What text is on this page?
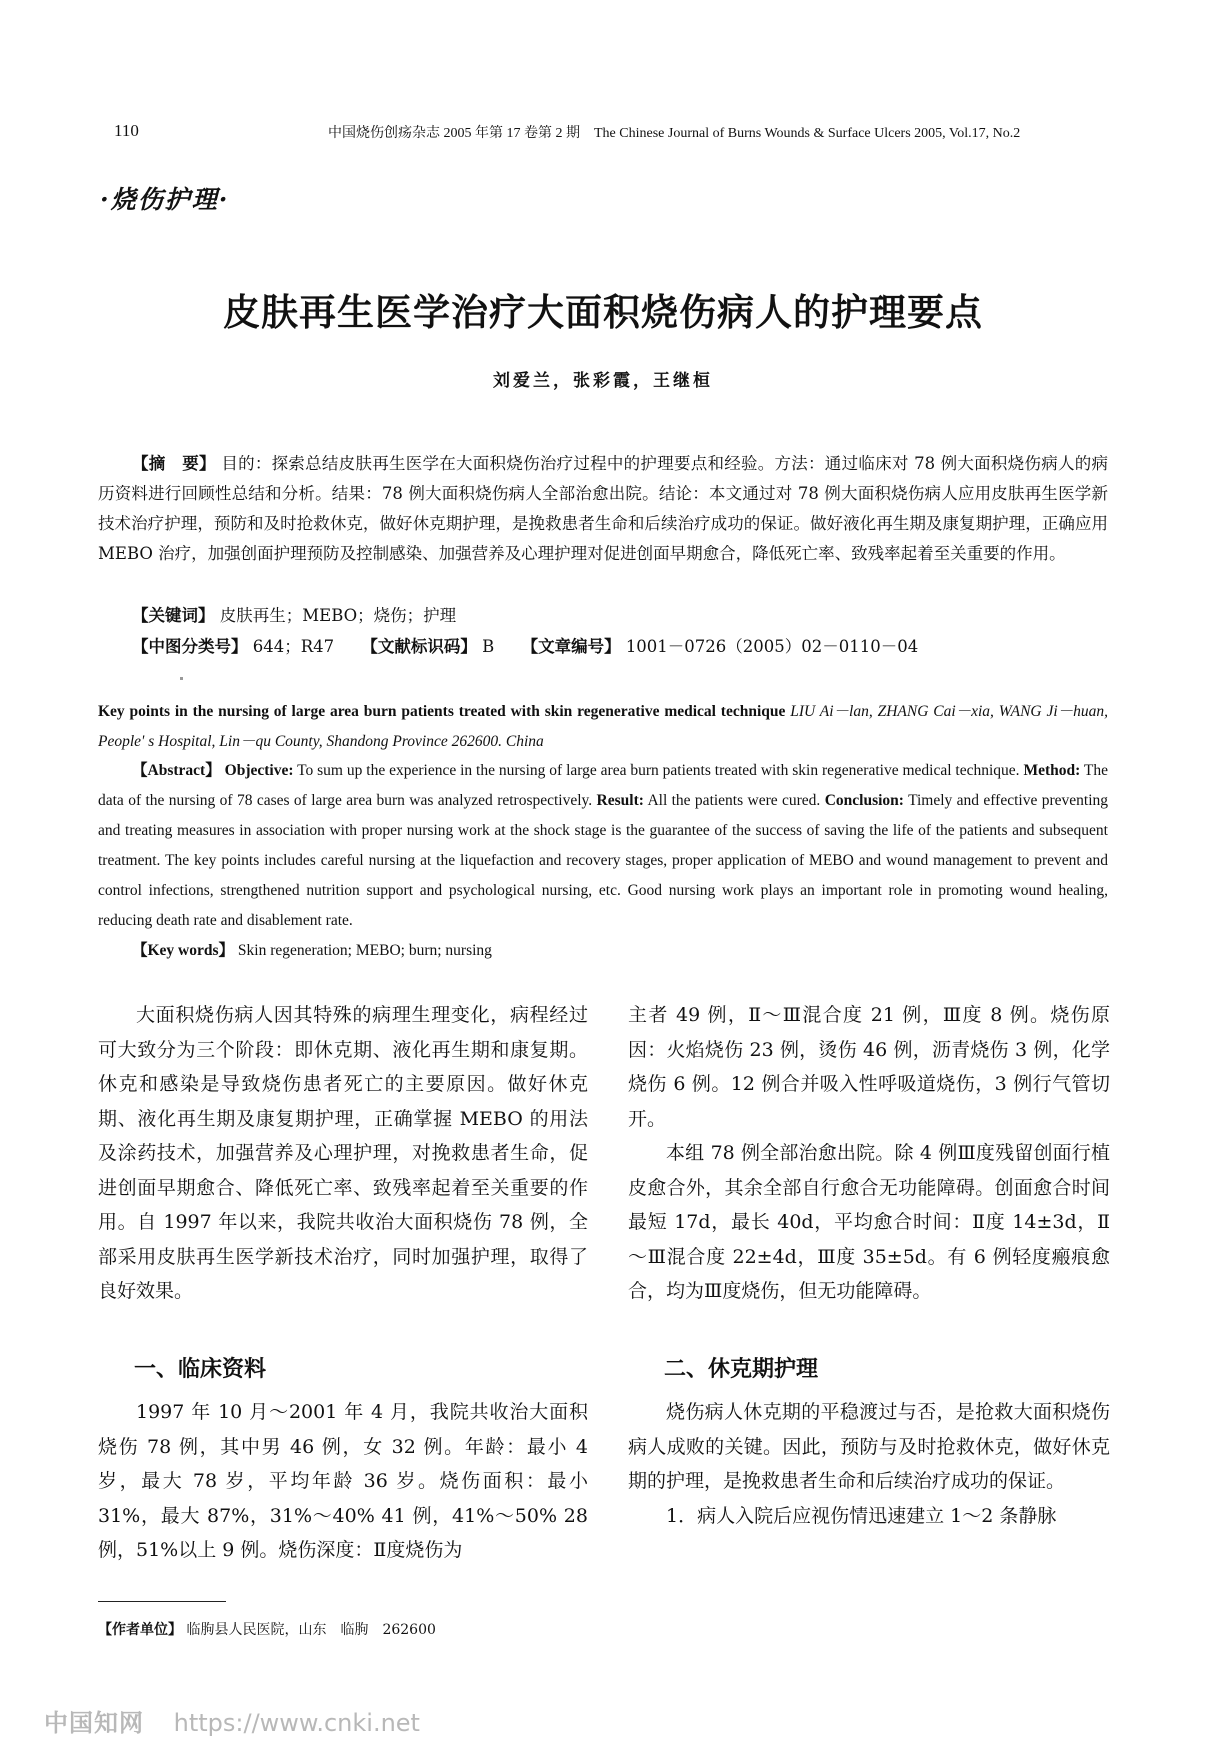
110	中国烧伤创疡杂志 2005 年第 17 卷第 2 期　The Chinese Journal of Burns Wounds & Surface Ulcers 2005, Vol.17, No.2
·烧伤护理·
皮肤再生医学治疗大面积烧伤病人的护理要点
刘爱兰，张彩霞，王继桓
【摘　要】 目的：探索总结皮肤再生医学在大面积烧伤治疗过程中的护理要点和经验。方法：通过临床对 78 例大面积烧伤病人的病历资料进行回顾性总结和分析。结果：78 例大面积烧伤病人全部治愈出院。结论：本文通过对 78 例大面积烧伤病人应用皮肤再生医学新技术治疗护理，预防和及时抢救休克，做好休克期护理，是挽救患者生命和后续治疗成功的保证。做好液化再生期及康复期护理，正确应用 MEBO 治疗，加强创面护理预防及控制感染、加强营养及心理护理对促进创面早期愈合，降低死亡率、致残率起着至关重要的作用。
【关键词】 皮肤再生；MEBO；烧伤；护理
【中图分类号】 644；R47 【文献标识码】 B 【文章编号】 1001－0726（2005）02－0110－04
Key points in the nursing of large area burn patients treated with skin regenerative medical technique LIU Ai－lan, ZHANG Cai－xia, WANG Ji－huan, People' s Hospital, Lin－qu County, Shandong Province 262600. China
【Abstract】 Objective: To sum up the experience in the nursing of large area burn patients treated with skin regenerative medical technique. Method: The data of the nursing of 78 cases of large area burn was analyzed retrospectively. Result: All the patients were cured. Conclusion: Timely and effective preventing and treating measures in association with proper nursing work at the shock stage is the guarantee of the success of saving the life of the patients and subsequent treatment. The key points includes careful nursing at the liquefaction and recovery stages, proper application of MEBO and wound management to prevent and control infections, strengthened nutrition support and psychological nursing, etc. Good nursing work plays an important role in promoting wound healing, reducing death rate and disablement rate.
【Key words】 Skin regeneration; MEBO; burn; nursing

大面积烧伤病人因其特殊的病理生理变化，病程经过可大致分为三个阶段：即休克期、液化再生期和康复期。休克和感染是导致烧伤患者死亡的主要原因。做好休克期、液化再生期及康复期护理，正确掌握 MEBO 的用法及涂药技术，加强营养及心理护理，对挽救患者生命，促进创面早期愈合、降低死亡率、致残率起着至关重要的作用。自 1997 年以来，我院共收治大面积烧伤 78 例，全部采用皮肤再生医学新技术治疗，同时加强护理，取得了良好效果。

一、临床资料

1997 年 10 月～2001 年 4 月，我院共收治大面积烧伤 78 例，其中男 46 例，女 32 例。年龄：最小 4 岁，最大 78 岁，平均年龄 36 岁。烧伤面积：最小 31%，最大 87%，31%～40% 41 例，41%～50% 28 例，51%以上 9 例。烧伤深度：Ⅱ度烧伤为

主者 49 例，Ⅱ～Ⅲ混合度 21 例，Ⅲ度 8 例。烧伤原因：火焰烧伤 23 例，烫伤 46 例，沥青烧伤 3 例，化学烧伤 6 例。12 例合并吸入性呼吸道烧伤，3 例行气管切开。

本组 78 例全部治愈出院。除 4 例Ⅲ度残留创面行植皮愈合外，其余全部自行愈合无功能障碍。创面愈合时间最短 17d，最长 40d，平均愈合时间：Ⅱ度 14±3d，Ⅱ～Ⅲ混合度 22±4d，Ⅲ度 35±5d。有 6 例轻度瘢痕愈合，均为Ⅲ度烧伤，但无功能障碍。

二、休克期护理

烧伤病人休克期的平稳渡过与否，是抢救大面积烧伤病人成败的关键。因此，预防与及时抢救休克，做好休克期的护理，是挽救患者生命和后续治疗成功的保证。

1．病人入院后应视伤情迅速建立 1～2 条静脉

【作者单位】 临朐县人民医院，山东　临朐　262600
中国知网 https://www.cnki.net
